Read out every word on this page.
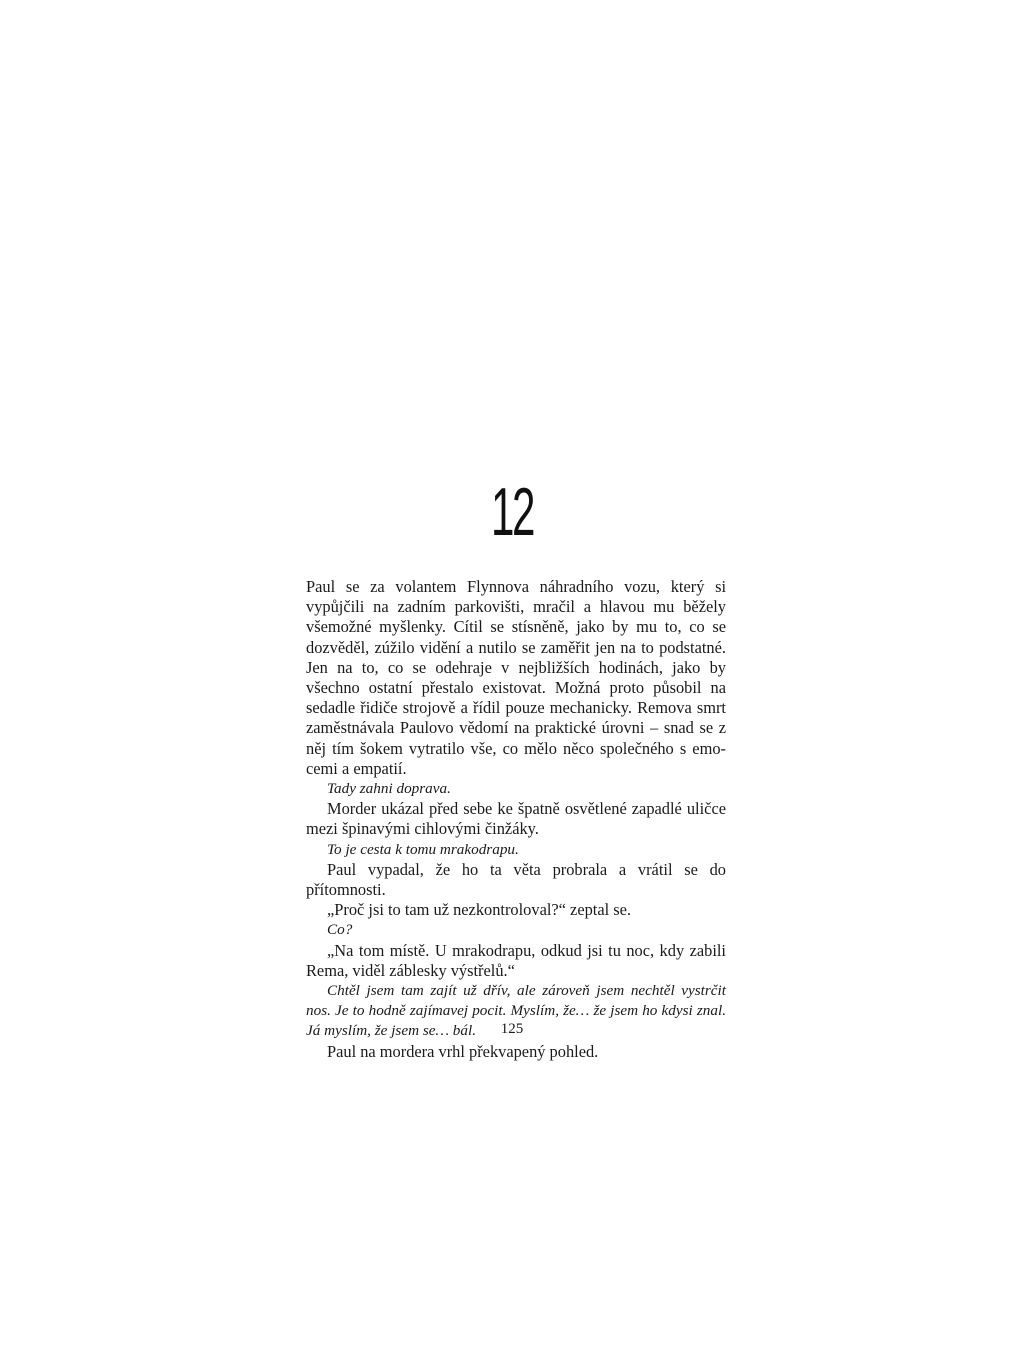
12

Paul se za volantem Flynnova náhradního vozu, který si vypůjčili na zadním parkovišti, mračil a hlavou mu běžely všemožné myšlenky. Cítil se stísněně, jako by mu to, co se dozvěděl, zúžilo vidění a nutilo se zaměřit jen na to podstatné. Jen na to, co se odehraje v nejbližších hodinách, jako by všechno ostatní přestalo existovat. Možná proto působil na sedadle řidiče strojově a řídil pouze mechanicky. Remova smrt zaměstnávala Paulovo vědomí na praktické úrovni – snad se z něj tím šokem vytratilo vše, co mělo něco společného s emocemi a empatií.

Tady zahni doprava.

Morder ukázal před sebe ke špatně osvětlené zapadlé uličce mezi špinavými cihlovými činžáky.

To je cesta k tomu mrakodrapu.

Paul vypadal, že ho ta věta probrala a vrátil se do přítomnosti.

„Proč jsi to tam už nezkontroloval?“ zeptal se.

Co?

„Na tom místě. U mrakodrapu, odkud jsi tu noc, kdy zabili Rema, viděl záblesky výstřelů.“

Chtěl jsem tam zajít už dřív, ale zároveň jsem nechtěl vystrčit nos. Je to hodně zajímavej pocit. Myslím, že… že jsem ho kdysi znal. Já myslím, že jsem se… bál.

Paul na mordera vrhl překvapený pohled.

125
